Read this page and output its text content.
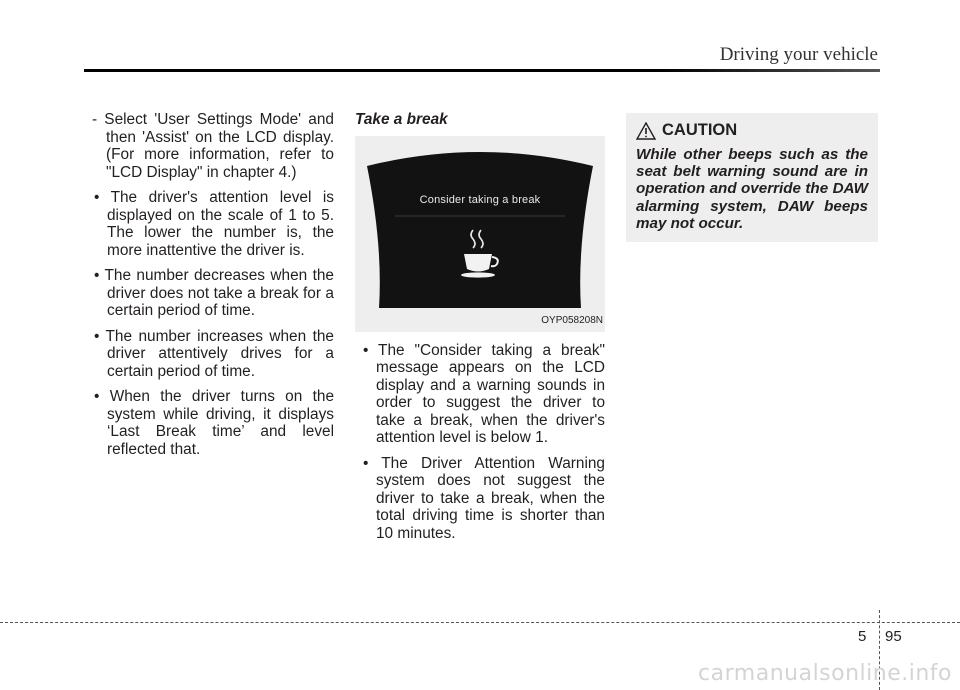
Driving your vehicle

- Select 'User Settings Mode' and then 'Assist' on the LCD display. (For more information, refer to "LCD Display" in chapter 4.)

• The driver's attention level is displayed on the scale of 1 to 5. The lower the number is, the more inattentive the driver is.

• The number decreases when the driver does not take a break for a certain period of time.

• The number increases when the driver attentively drives for a certain period of time.

• When the driver turns on the system while driving, it displays ‘Last Break time’ and level reflected that.

Take a break
Consider taking a break
OYP058208N

• The "Consider taking a break" message appears on the LCD display and a warning sounds in order to suggest the driver to take a break, when the driver's attention level is below 1.

• The Driver Attention Warning system does not suggest the driver to take a break, when the total driving time is shorter than 10 minutes.

CAUTION
While other beeps such as the seat belt warning sound are in operation and override the DAW alarming system, DAW beeps may not occur.
5 95
carmanualsonline.info
